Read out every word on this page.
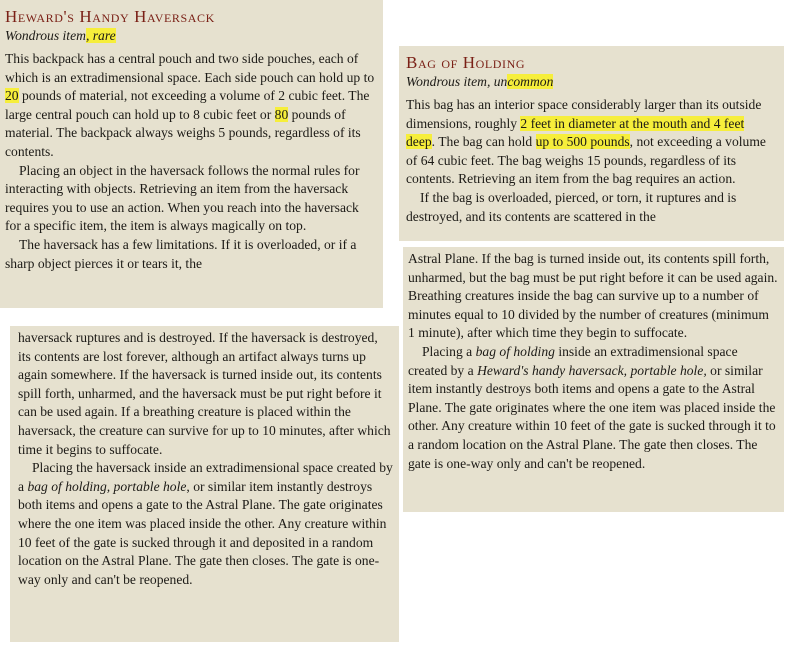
Heward's Handy Haversack
Wondrous item, rare

This backpack has a central pouch and two side pouches, each of which is an extradimensional space. Each side pouch can hold up to 20 pounds of material, not exceeding a volume of 2 cubic feet. The large central pouch can hold up to 8 cubic feet or 80 pounds of material. The backpack always weighs 5 pounds, regardless of its contents.

Placing an object in the haversack follows the normal rules for interacting with objects. Retrieving an item from the haversack requires you to use an action. When you reach into the haversack for a specific item, the item is always magically on top.

The haversack has a few limitations. If it is overloaded, or if a sharp object pierces it or tears it, the

Bag of Holding
Wondrous item, uncommon

This bag has an interior space considerably larger than its outside dimensions, roughly 2 feet in diameter at the mouth and 4 feet deep. The bag can hold up to 500 pounds, not exceeding a volume of 64 cubic feet. The bag weighs 15 pounds, regardless of its contents. Retrieving an item from the bag requires an action.

If the bag is overloaded, pierced, or torn, it ruptures and is destroyed, and its contents are scattered in the

haversack ruptures and is destroyed. If the haversack is destroyed, its contents are lost forever, although an artifact always turns up again somewhere. If the haversack is turned inside out, its contents spill forth, unharmed, and the haversack must be put right before it can be used again. If a breathing creature is placed within the haversack, the creature can survive for up to 10 minutes, after which time it begins to suffocate.

Placing the haversack inside an extradimensional space created by a bag of holding, portable hole, or similar item instantly destroys both items and opens a gate to the Astral Plane. The gate originates where the one item was placed inside the other. Any creature within 10 feet of the gate is sucked through it and deposited in a random location on the Astral Plane. The gate then closes. The gate is one-way only and can't be reopened.

Astral Plane. If the bag is turned inside out, its contents spill forth, unharmed, but the bag must be put right before it can be used again. Breathing creatures inside the bag can survive up to a number of minutes equal to 10 divided by the number of creatures (minimum 1 minute), after which time they begin to suffocate.

Placing a bag of holding inside an extradimensional space created by a Heward's handy haversack, portable hole, or similar item instantly destroys both items and opens a gate to the Astral Plane. The gate originates where the one item was placed inside the other. Any creature within 10 feet of the gate is sucked through it to a random location on the Astral Plane. The gate then closes. The gate is one-way only and can't be reopened.
